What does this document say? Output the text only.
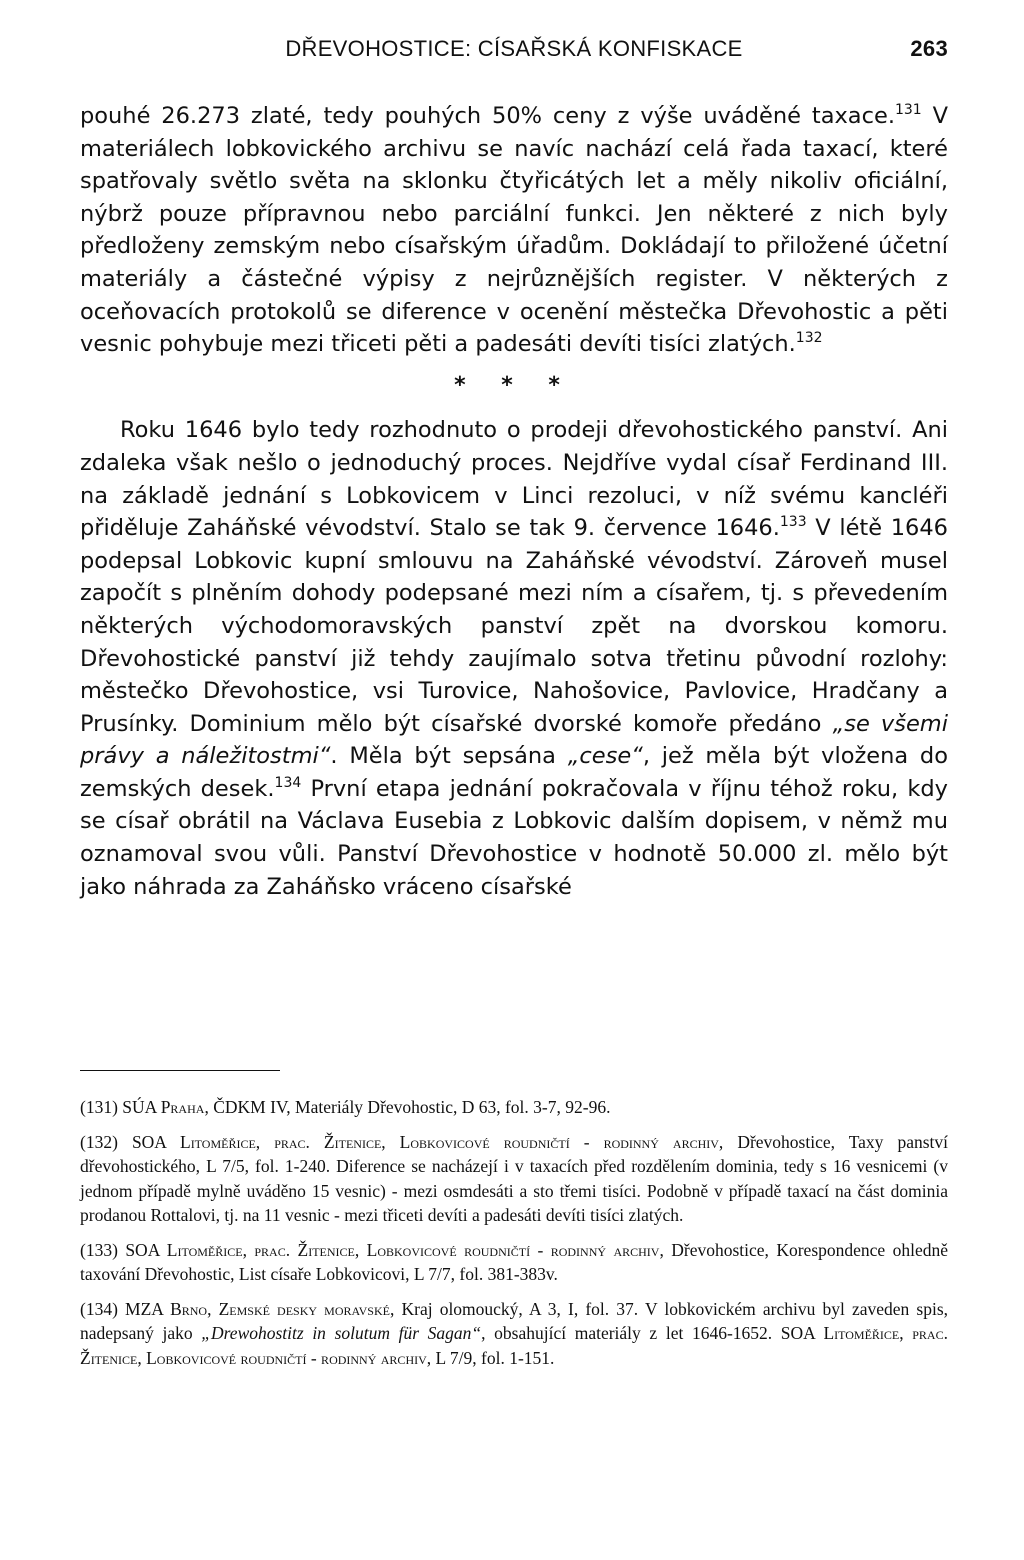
DŘEVOHOSTICE: CÍSAŘSKÁ KONFISKACE	263

pouhé 26.273 zlaté, tedy pouhých 50% ceny z výše uváděné taxace.$^{131}$ V materiálech lobkovického archivu se navíc nachází celá řada taxací, které spatřovaly světlo světa na sklonku čtyřicátých let a měly nikoliv oficiální, nýbrž pouze přípravnou nebo parciální funkci. Jen některé z nich byly předloženy zemským nebo císařským úřadům. Dokládají to přiložené účetní materiály a částečné výpisy z nejrůznějších register. V některých z oceňovacích protokolů se diference v ocenění městečka Dřevohostic a pěti vesnic pohybuje mezi třiceti pěti a padesáti devíti tisíci zlatých.$^{132}$

* * *

Roku 1646 bylo tedy rozhodnuto o prodeji dřevohostického panství. Ani zdaleka však nešlo o jednoduchý proces. Nejdříve vydal císař Ferdinand III. na základě jednání s Lobkovicem v Linci rezoluci, v níž svému kancléři přiděluje Zaháňské vévodství. Stalo se tak 9. července 1646.$^{133}$ V létě 1646 podepsal Lobkovic kupní smlouvu na Zaháňské vévodství. Zároveň musel započít s plněním dohody podepsané mezi ním a císařem, tj. s převedením některých východomoravských panství zpět na dvorskou komoru. Dřevohostické panství již tehdy zaujímalo sotva třetinu původní rozlohy: městečko Dřevohostice, vsi Turovice, Nahošovice, Pavlovice, Hradčany a Prusínky. Dominium mělo být císařské dvorské komoře předáno „se všemi právy a náležitostmi“. Měla být sepsána „cese“, jež měla být vložena do zemských desek.$^{134}$ První etapa jednání pokračovala v říjnu téhož roku, kdy se císař obrátil na Václava Eusebia z Lobkovic dalším dopisem, v němž mu oznamoval svou vůli. Panství Dřevohostice v hodnotě 50.000 zl. mělo být jako náhrada za Zaháňsko vráceno císařské

(131) SÚA Praha, ČDKM IV, Materiály Dřevohostic, D 63, fol. 3-7, 92-96.

(132) SOA Litoměřice, prac. Žitenice, Lobkovicové roudničtí - rodinný archiv, Dřevohostice, Taxy panství dřevohostického, L 7/5, fol. 1-240. Diference se nacházejí i v taxacích před rozdělením dominia, tedy s 16 vesnicemi (v jednom případě mylně uváděno 15 vesnic) - mezi osmdesáti a sto třemi tisíci. Podobně v případě taxací na část dominia prodanou Rottalovi, tj. na 11 vesnic - mezi třiceti devíti a padesáti devíti tisíci zlatých.

(133) SOA Litoměřice, prac. Žitenice, Lobkovicové roudničtí - rodinný archiv, Dřevohostice, Korespondence ohledně taxování Dřevohostic, List císaře Lobkovicovi, L 7/7, fol. 381-383v.

(134) MZA Brno, Zemské desky moravské, Kraj olomoucký, A 3, I, fol. 37. V lobkovickém archivu byl zaveden spis, nadepsaný jako „Drewohostitz in solutum für Sagan“, obsahující materiály z let 1646-1652. SOA Litoměřice, prac. Žitenice, Lobkovicové roudničtí - rodinný archiv, L 7/9, fol. 1-151.
